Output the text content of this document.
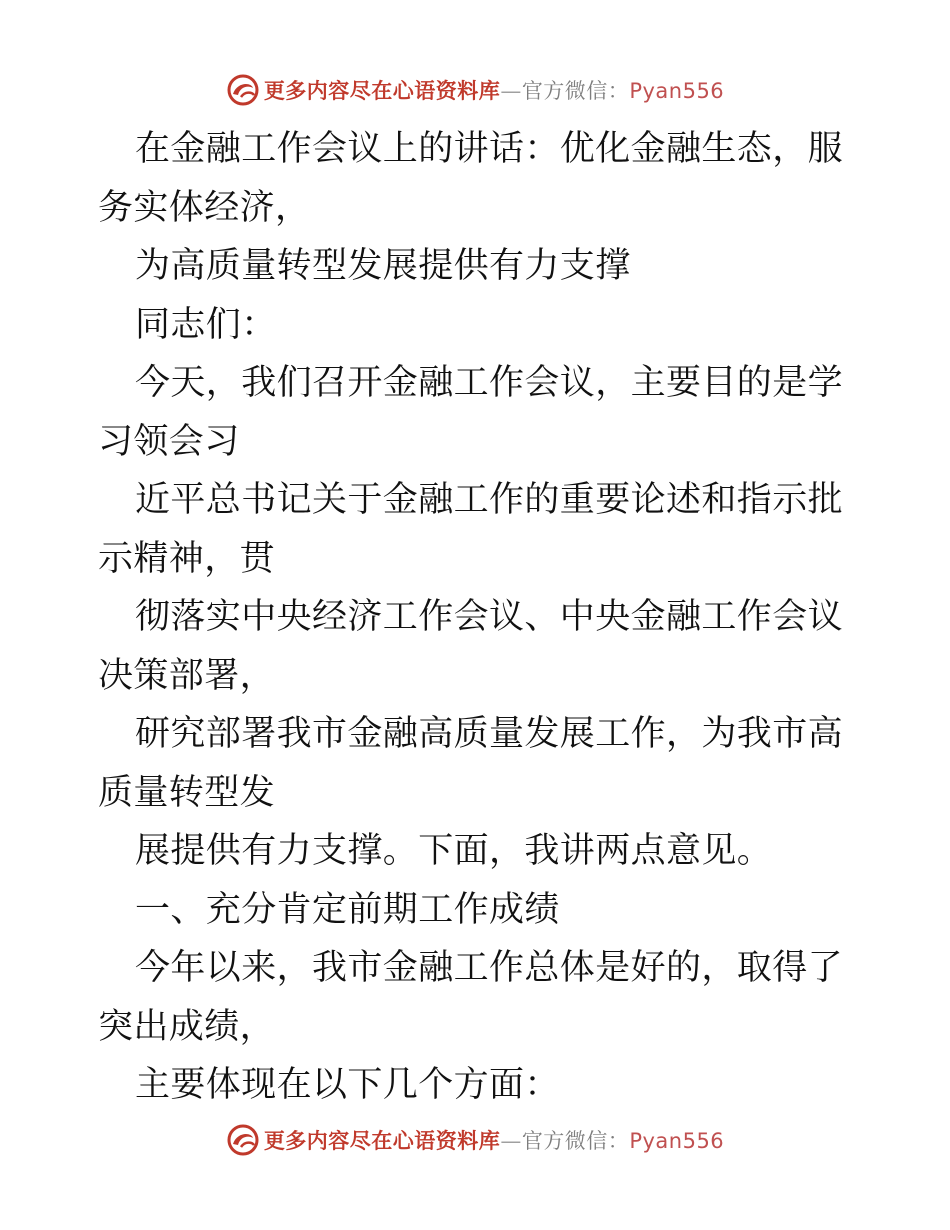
更多内容尽在心语资料库—官方微信：Pyan556

在金融工作会议上的讲话：优化金融生态，服务实体经济，

为高质量转型发展提供有力支撑

同志们：

今天，我们召开金融工作会议，主要目的是学习领会习

近平总书记关于金融工作的重要论述和指示批示精神，贯

彻落实中央经济工作会议、中央金融工作会议决策部署，

研究部署我市金融高质量发展工作，为我市高质量转型发

展提供有力支撑。下面，我讲两点意见。

一、充分肯定前期工作成绩

今年以来，我市金融工作总体是好的，取得了突出成绩，

主要体现在以下几个方面：

更多内容尽在心语资料库—官方微信：Pyan556
